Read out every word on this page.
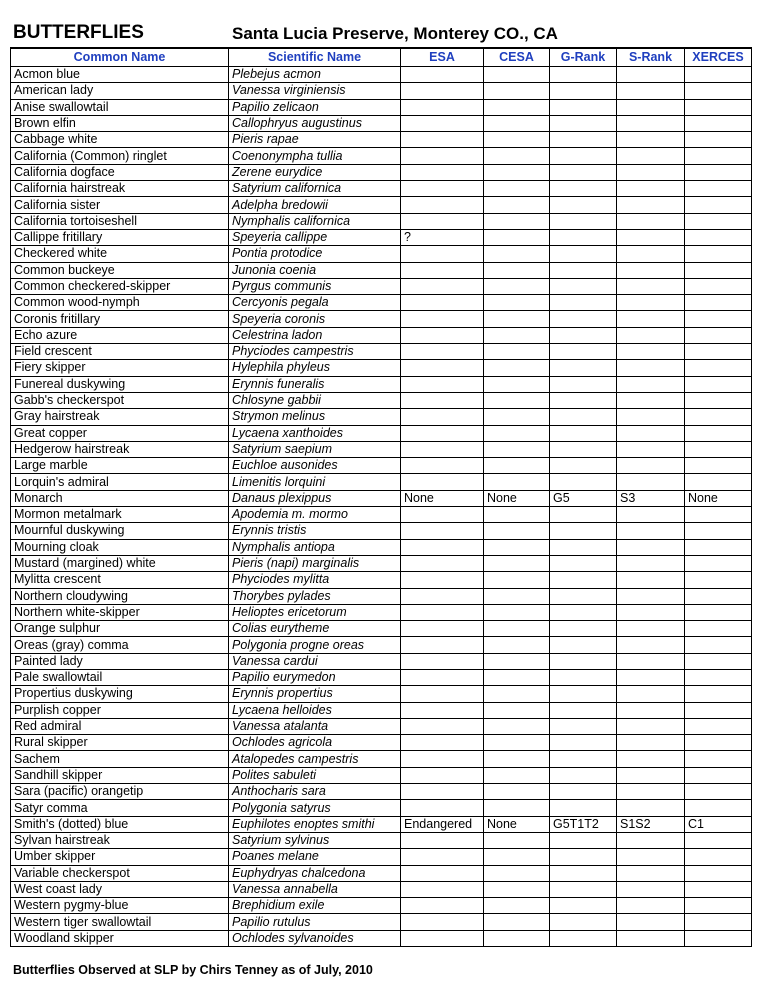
BUTTERFLIES	Santa Lucia Preserve, Monterey CO., CA
Common Name	Scientific Name	ESA	CESA	G-Rank	S-Rank	XERCES
Acmon blue	Plebejus acmon					
American lady	Vanessa virginiensis					
Anise swallowtail	Papilio zelicaon					
Brown elfin	Callophryus augustinus					
Cabbage white	Pieris rapae					
California (Common) ringlet	Coenonympha tullia					
California dogface	Zerene eurydice					
California hairstreak	Satyrium californica					
California sister	Adelpha bredowii					
California tortoiseshell	Nymphalis californica					
Callippe fritillary	Speyeria callippe	?				
Checkered white	Pontia protodice					
Common buckeye	Junonia coenia					
Common checkered-skipper	Pyrgus communis					
Common wood-nymph	Cercyonis pegala					
Coronis fritillary	Speyeria coronis					
Echo azure	Celestrina ladon					
Field crescent	Phyciodes campestris					
Fiery skipper	Hylephila phyleus					
Funereal duskywing	Erynnis funeralis					
Gabb's checkerspot	Chlosyne gabbii					
Gray hairstreak	Strymon melinus					
Great copper	Lycaena xanthoides					
Hedgerow hairstreak	Satyrium saepium					
Large marble	Euchloe ausonides					
Lorquin's admiral	Limenitis lorquini					
Monarch	Danaus plexippus	None	None	G5	S3	None
Mormon metalmark	Apodemia m. mormo					
Mournful duskywing	Erynnis tristis					
Mourning cloak	Nymphalis antiopa					
Mustard (margined) white	Pieris (napi) marginalis					
Mylitta crescent	Phyciodes mylitta					
Northern cloudywing	Thorybes pylades					
Northern white-skipper	Helioptes ericetorum					
Orange sulphur	Colias eurytheme					
Oreas (gray) comma	Polygonia progne oreas					
Painted lady	Vanessa cardui					
Pale swallowtail	Papilio eurymedon					
Propertius duskywing	Erynnis propertius					
Purplish copper	Lycaena helloides					
Red admiral	Vanessa atalanta					
Rural skipper	Ochlodes agricola					
Sachem	Atalopedes campestris					
Sandhill skipper	Polites sabuleti					
Sara (pacific) orangetip	Anthocharis sara					
Satyr comma	Polygonia satyrus					
Smith's (dotted) blue	Euphilotes enoptes smithi	Endangered	None	G5T1T2	S1S2	C1
Sylvan hairstreak	Satyrium sylvinus					
Umber skipper	Poanes melane					
Variable checkerspot	Euphydryas chalcedona					
West coast lady	Vanessa annabella					
Western pygmy-blue	Brephidium exile					
Western tiger swallowtail	Papilio rutulus					
Woodland skipper	Ochlodes sylvanoides					
Butterflies Observed at SLP by Chirs Tenney as of July, 2010
